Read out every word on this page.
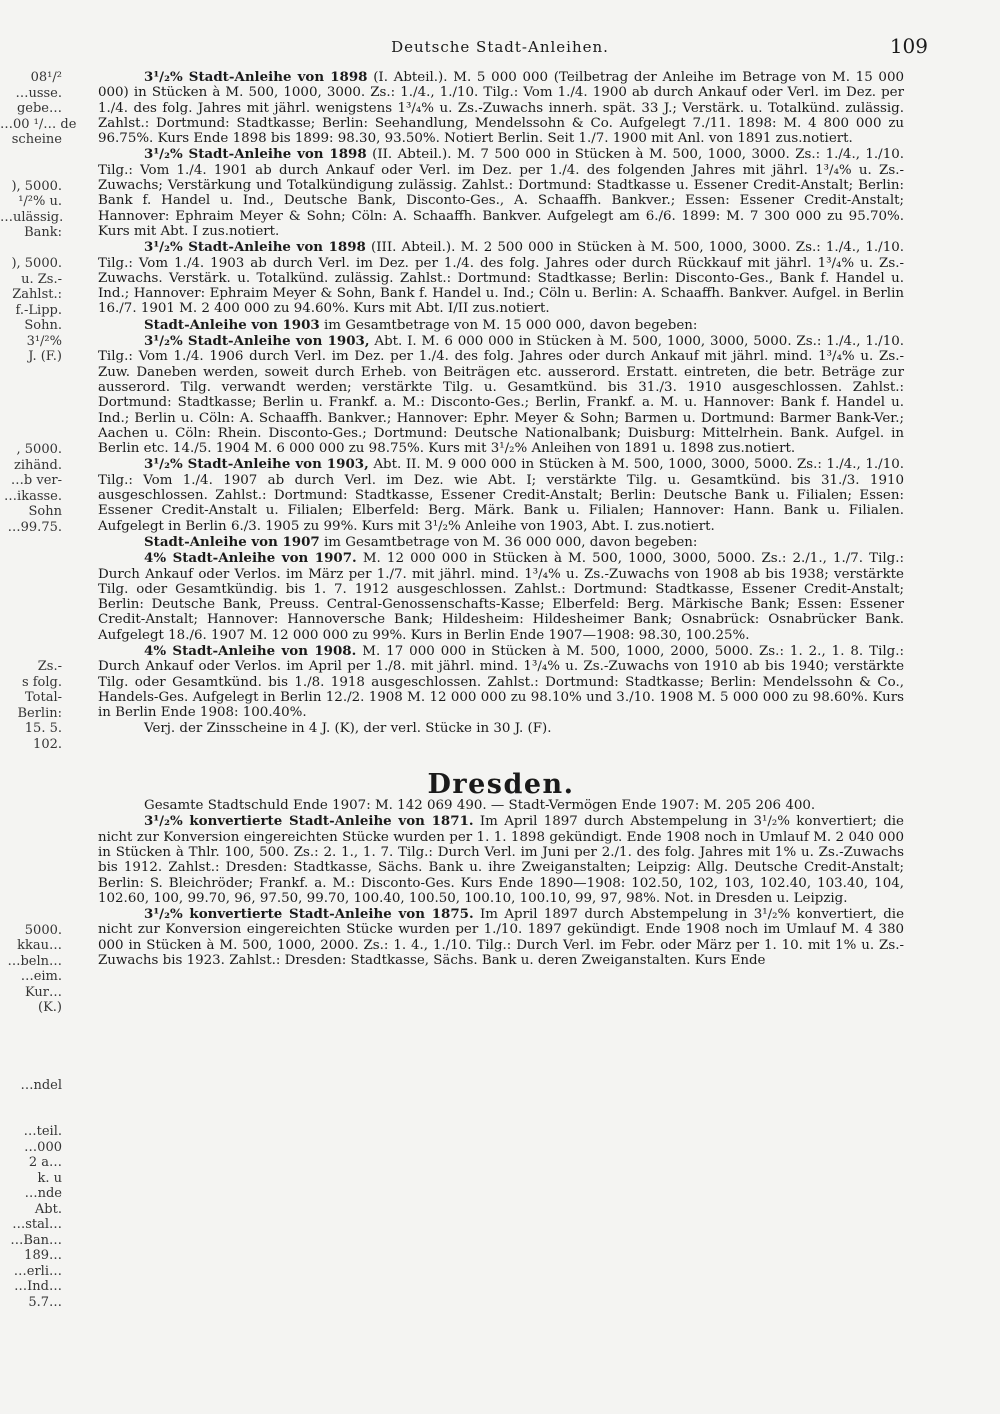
Deutsche Stadt-Anleihen.	109
08¹/²
…usse.
gebe…
…00 ¹/… de
scheine

), 5000.
¹/²% u.
…ulässig.
Bank:

), 5000.
u. Zs.-
Zahlst.:
f.-Lipp.
Sohn.
3¹/²%
J. (F.)

, 5000.
zihänd.
…b ver-
…ikasse.
Sohn
…99.75.

Zs.-
s folg.
Total-
Berlin:
15. 5.
102.

5000.
kkau…
…beln…
…eim.
Kur…
(K.)

…ndel

…teil.
…000
2 a…
k. u
…nde
Abt.
…stal…
…Ban…
189…
…erli…
…Ind…
5.7…

3¹/₂% Stadt-Anleihe von 1898 (I. Abteil.). M. 5 000 000 (Teilbetrag der Anleihe im Betrage von M. 15 000 000) in Stücken à M. 500, 1000, 3000. Zs.: 1./4., 1./10. Tilg.: Vom 1./4. 1900 ab durch Ankauf oder Verl. im Dez. per 1./4. des folg. Jahres mit jährl. wenigstens 1³/₄% u. Zs.-Zuwachs innerh. spät. 33 J.; Verstärk. u. Totalkünd. zulässig. Zahlst.: Dortmund: Stadtkasse; Berlin: Seehandlung, Mendelssohn & Co. Aufgelegt 7./11. 1898: M. 4 800 000 zu 96.75%. Kurs Ende 1898 bis 1899: 98.30, 93.50%. Notiert Berlin. Seit 1./7. 1900 mit Anl. von 1891 zus.notiert.

3¹/₂% Stadt-Anleihe von 1898 (II. Abteil.). M. 7 500 000 in Stücken à M. 500, 1000, 3000. Zs.: 1./4., 1./10. Tilg.: Vom 1./4. 1901 ab durch Ankauf oder Verl. im Dez. per 1./4. des folgenden Jahres mit jährl. 1³/₄% u. Zs.-Zuwachs; Verstärkung und Totalkündigung zulässig. Zahlst.: Dortmund: Stadtkasse u. Essener Credit-Anstalt; Berlin: Bank f. Handel u. Ind., Deutsche Bank, Disconto-Ges., A. Schaaffh. Bankver.; Essen: Essener Credit-Anstalt; Hannover: Ephraim Meyer & Sohn; Cöln: A. Schaaffh. Bankver. Aufgelegt am 6./6. 1899: M. 7 300 000 zu 95.70%. Kurs mit Abt. I zus.notiert.

3¹/₂% Stadt-Anleihe von 1898 (III. Abteil.). M. 2 500 000 in Stücken à M. 500, 1000, 3000. Zs.: 1./4., 1./10. Tilg.: Vom 1./4. 1903 ab durch Verl. im Dez. per 1./4. des folg. Jahres oder durch Rückkauf mit jährl. 1³/₄% u. Zs.-Zuwachs. Verstärk. u. Totalkünd. zulässig. Zahlst.: Dortmund: Stadtkasse; Berlin: Disconto-Ges., Bank f. Handel u. Ind.; Hannover: Ephraim Meyer & Sohn, Bank f. Handel u. Ind.; Cöln u. Berlin: A. Schaaffh. Bankver. Aufgel. in Berlin 16./7. 1901 M. 2 400 000 zu 94.60%. Kurs mit Abt. I/II zus.notiert.

Stadt-Anleihe von 1903 im Gesamtbetrage von M. 15 000 000, davon begeben:

3¹/₂% Stadt-Anleihe von 1903, Abt. I. M. 6 000 000 in Stücken à M. 500, 1000, 3000, 5000. Zs.: 1./4., 1./10. Tilg.: Vom 1./4. 1906 durch Verl. im Dez. per 1./4. des folg. Jahres oder durch Ankauf mit jährl. mind. 1³/₄% u. Zs.-Zuw. Daneben werden, soweit durch Erheb. von Beiträgen etc. ausserord. Erstatt. eintreten, die betr. Beträge zur ausserord. Tilg. verwandt werden; verstärkte Tilg. u. Gesamtkünd. bis 31./3. 1910 ausgeschlossen. Zahlst.: Dortmund: Stadtkasse; Berlin u. Frankf. a. M.: Disconto-Ges.; Berlin, Frankf. a. M. u. Hannover: Bank f. Handel u. Ind.; Berlin u. Cöln: A. Schaaffh. Bankver.; Hannover: Ephr. Meyer & Sohn; Barmen u. Dortmund: Barmer Bank-Ver.; Aachen u. Cöln: Rhein. Disconto-Ges.; Dortmund: Deutsche Nationalbank; Duisburg: Mittelrhein. Bank. Aufgel. in Berlin etc. 14./5. 1904 M. 6 000 000 zu 98.75%. Kurs mit 3¹/₂% Anleihen von 1891 u. 1898 zus.notiert.

3¹/₂% Stadt-Anleihe von 1903, Abt. II. M. 9 000 000 in Stücken à M. 500, 1000, 3000, 5000. Zs.: 1./4., 1./10. Tilg.: Vom 1./4. 1907 ab durch Verl. im Dez. wie Abt. I; verstärkte Tilg. u. Gesamtkünd. bis 31./3. 1910 ausgeschlossen. Zahlst.: Dortmund: Stadtkasse, Essener Credit-Anstalt; Berlin: Deutsche Bank u. Filialen; Essen: Essener Credit-Anstalt u. Filialen; Elberfeld: Berg. Märk. Bank u. Filialen; Hannover: Hann. Bank u. Filialen. Aufgelegt in Berlin 6./3. 1905 zu 99%. Kurs mit 3¹/₂% Anleihe von 1903, Abt. I. zus.notiert.

Stadt-Anleihe von 1907 im Gesamtbetrage von M. 36 000 000, davon begeben:

4% Stadt-Anleihe von 1907. M. 12 000 000 in Stücken à M. 500, 1000, 3000, 5000. Zs.: 2./1., 1./7. Tilg.: Durch Ankauf oder Verlos. im März per 1./7. mit jährl. mind. 1³/₄% u. Zs.-Zuwachs von 1908 ab bis 1938; verstärkte Tilg. oder Gesamtkündig. bis 1. 7. 1912 ausgeschlossen. Zahlst.: Dortmund: Stadtkasse, Essener Credit-Anstalt; Berlin: Deutsche Bank, Preuss. Central-Genossenschafts-Kasse; Elberfeld: Berg. Märkische Bank; Essen: Essener Credit-Anstalt; Hannover: Hannoversche Bank; Hildesheim: Hildesheimer Bank; Osnabrück: Osnabrücker Bank. Aufgelegt 18./6. 1907 M. 12 000 000 zu 99%. Kurs in Berlin Ende 1907—1908: 98.30, 100.25%.

4% Stadt-Anleihe von 1908. M. 17 000 000 in Stücken à M. 500, 1000, 2000, 5000. Zs.: 1. 2., 1. 8. Tilg.: Durch Ankauf oder Verlos. im April per 1./8. mit jährl. mind. 1³/₄% u. Zs.-Zuwachs von 1910 ab bis 1940; verstärkte Tilg. oder Gesamtkünd. bis 1./8. 1918 ausgeschlossen. Zahlst.: Dortmund: Stadtkasse; Berlin: Mendelssohn & Co., Handels-Ges. Aufgelegt in Berlin 12./2. 1908 M. 12 000 000 zu 98.10% und 3./10. 1908 M. 5 000 000 zu 98.60%. Kurs in Berlin Ende 1908: 100.40%.

Verj. der Zinsscheine in 4 J. (K), der verl. Stücke in 30 J. (F).

Dresden.

Gesamte Stadtschuld Ende 1907: M. 142 069 490. — Stadt-Vermögen Ende 1907: M. 205 206 400.

3¹/₂% konvertierte Stadt-Anleihe von 1871. Im April 1897 durch Abstempelung in 3¹/₂% konvertiert; die nicht zur Konversion eingereichten Stücke wurden per 1. 1. 1898 gekündigt. Ende 1908 noch in Umlauf M. 2 040 000 in Stücken à Thlr. 100, 500. Zs.: 2. 1., 1. 7. Tilg.: Durch Verl. im Juni per 2./1. des folg. Jahres mit 1% u. Zs.-Zuwachs bis 1912. Zahlst.: Dresden: Stadtkasse, Sächs. Bank u. ihre Zweiganstalten; Leipzig: Allg. Deutsche Credit-Anstalt; Berlin: S. Bleichröder; Frankf. a. M.: Disconto-Ges. Kurs Ende 1890—1908: 102.50, 102, 103, 102.40, 103.40, 104, 102.60, 100, 99.70, 96, 97.50, 99.70, 100.40, 100.50, 100.10, 100.10, 99, 97, 98%. Not. in Dresden u. Leipzig.

3¹/₂% konvertierte Stadt-Anleihe von 1875. Im April 1897 durch Abstempelung in 3¹/₂% konvertiert, die nicht zur Konversion eingereichten Stücke wurden per 1./10. 1897 gekündigt. Ende 1908 noch im Umlauf M. 4 380 000 in Stücken à M. 500, 1000, 2000. Zs.: 1. 4., 1./10. Tilg.: Durch Verl. im Febr. oder März per 1. 10. mit 1% u. Zs.-Zuwachs bis 1923. Zahlst.: Dresden: Stadtkasse, Sächs. Bank u. deren Zweiganstalten. Kurs Ende
